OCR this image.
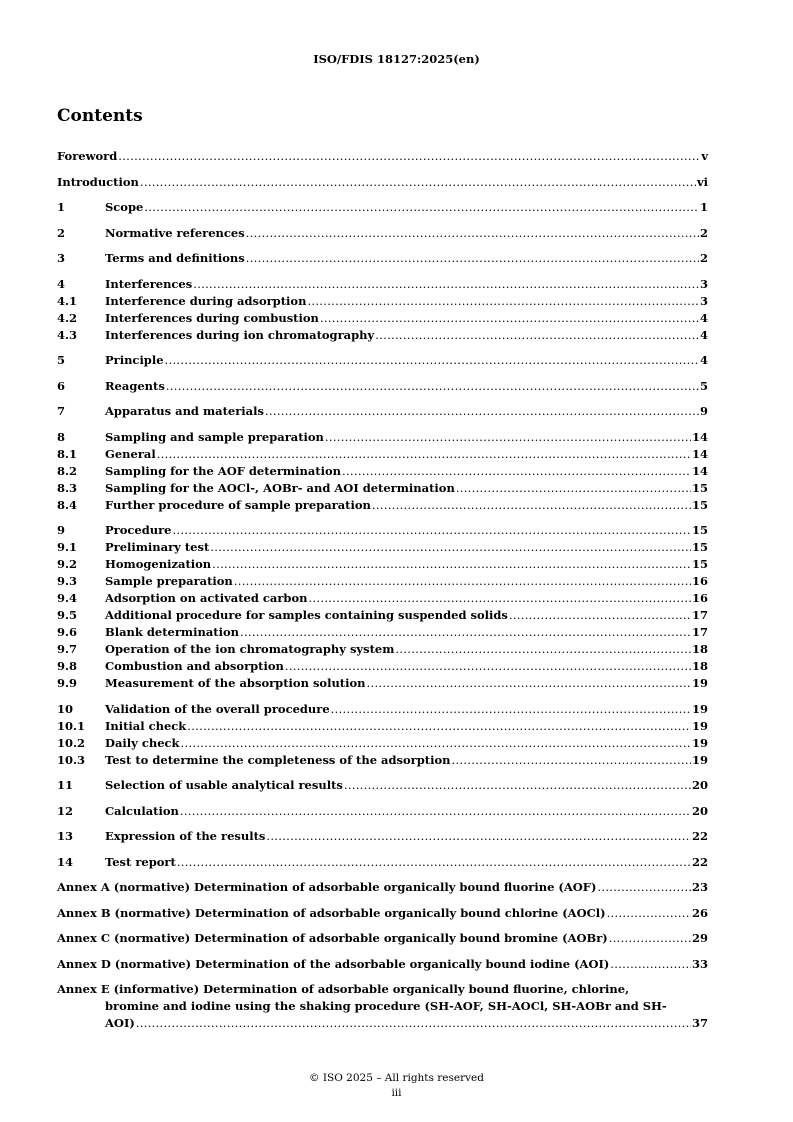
ISO/FDIS 18127:2025(en)
Contents
Foreword .....	v
Introduction .....	vi
1	Scope .....	1
2	Normative references .....	2
3	Terms and definitions .....	2
4	Interferences .....	3
4.1	Interference during adsorption .....	3
4.2	Interferences during combustion .....	4
4.3	Interferences during ion chromatography .....	4
5	Principle .....	4
6	Reagents .....	5
7	Apparatus and materials .....	9
8	Sampling and sample preparation .....	14
8.1	General .....	14
8.2	Sampling for the AOF determination .....	14
8.3	Sampling for the AOCl-, AOBr- and AOI determination .....	15
8.4	Further procedure of sample preparation .....	15
9	Procedure .....	15
9.1	Preliminary test .....	15
9.2	Homogenization .....	15
9.3	Sample preparation .....	16
9.4	Adsorption on activated carbon .....	16
9.5	Additional procedure for samples containing suspended solids .....	17
9.6	Blank determination .....	17
9.7	Operation of the ion chromatography system .....	18
9.8	Combustion and absorption .....	18
9.9	Measurement of the absorption solution .....	19
10	Validation of the overall procedure .....	19
10.1	Initial check .....	19
10.2	Daily check .....	19
10.3	Test to determine the completeness of the adsorption .....	19
11	Selection of usable analytical results .....	20
12	Calculation .....	20
13	Expression of the results .....	22
14	Test report .....	22
Annex A (normative) Determination of adsorbable organically bound fluorine (AOF) .....	23
Annex B (normative) Determination of adsorbable organically bound chlorine (AOCl) .....	26
Annex C (normative) Determination of adsorbable organically bound bromine (AOBr) .....	29
Annex D (normative) Determination of the adsorbable organically bound iodine (AOI) .....	33
Annex E (informative) Determination of adsorbable organically bound fluorine, chlorine,
bromine and iodine using the shaking procedure (SH-AOF, SH-AOCl, SH-AOBr and SH-
AOI) .....	37
© ISO 2025 – All rights reserved
iii
